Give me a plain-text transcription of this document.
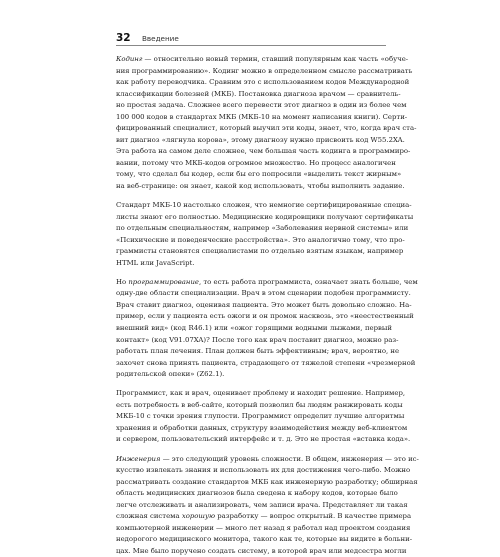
32	Введение
Кодинг — относительно новый термин, ставший популярным как часть «обуче-
ния программированию». Кодинг можно в определенном смысле рассматривать
как работу переводчика. Сравним это с использованием кодов Международной
классификации болезней (МКБ). Постановка диагноза врачом — сравнитель-
но простая задача. Сложнее всего перевести этот диагноз в один из более чем
100 000 кодов в стандартах МКБ (МКБ-10 на момент написания книги). Серти-
фицированный специалист, который выучил эти коды, знает, что, когда врач ста-
вит диагноз «лягнула корова», этому диагнозу нужно присвоить код W55.2XA.
Эта работа на самом деле сложнее, чем большая часть кодинга в программиро-
вании, потому что МКБ-кодов огромное множество. Но процесс аналогичен
тому, что сделал бы кодер, если бы его попросили «выделить текст жирным»
на веб-странице: он знает, какой код использовать, чтобы выполнить задание.
Стандарт МКБ-10 настолько сложен, что немногие сертифицированные специа-
листы знают его полностью. Медицинские кодировщики получают сертификаты
по отдельным специальностям, например «Заболевания нервной системы» или
«Психические и поведенческие расстройства». Это аналогично тому, что про-
граммисты становятся специалистами по отдельно взятым языкам, например
HTML или JavaScript.
Но программирование, то есть работа программиста, означает знать больше, чем
одну-две области специализации. Врач в этом сценарии подобен программисту.
Врач ставит диагноз, оценивая пациента. Это может быть довольно сложно. На-
пример, если у пациента есть ожоги и он промок насквозь, это «неестественный
внешний вид» (код R46.1) или «ожог горящими водными лыжами, первый
контакт» (код V91.07XA)? После того как врач поставит диагноз, можно раз-
работать план лечения. План должен быть эффективным; врач, вероятно, не
захочет снова принять пациента, страдающего от тяжелой степени «чрезмерной
родительской опеки» (Z62.1).
Программист, как и врач, оценивает проблему и находит решение. Например,
есть потребность в веб-сайте, который позволил бы людям ранжировать коды
МКБ-10 с точки зрения глупости. Программист определит лучшие алгоритмы
хранения и обработки данных, структуру взаимодействия между веб-клиентом
и сервером, пользовательский интерфейс и т. д. Это не простая «вставка кода».
Инженерия — это следующий уровень сложности. В общем, инженерия — это ис-
кусство извлекать знания и использовать их для достижения чего-либо. Можно
рассматривать создание стандартов МКБ как инженерную разработку; обширная
область медицинских диагнозов была сведена к набору кодов, которые было
легче отслеживать и анализировать, чем записи врача. Представляет ли такая
сложная система хорошую разработку — вопрос открытый. В качестве примера
компьютерной инженерии — много лет назад я работал над проектом создания
недорогого медицинского монитора, такого как те, которые вы видите в больни-
цах. Мне было поручено создать систему, в которой врач или медсестра могли
